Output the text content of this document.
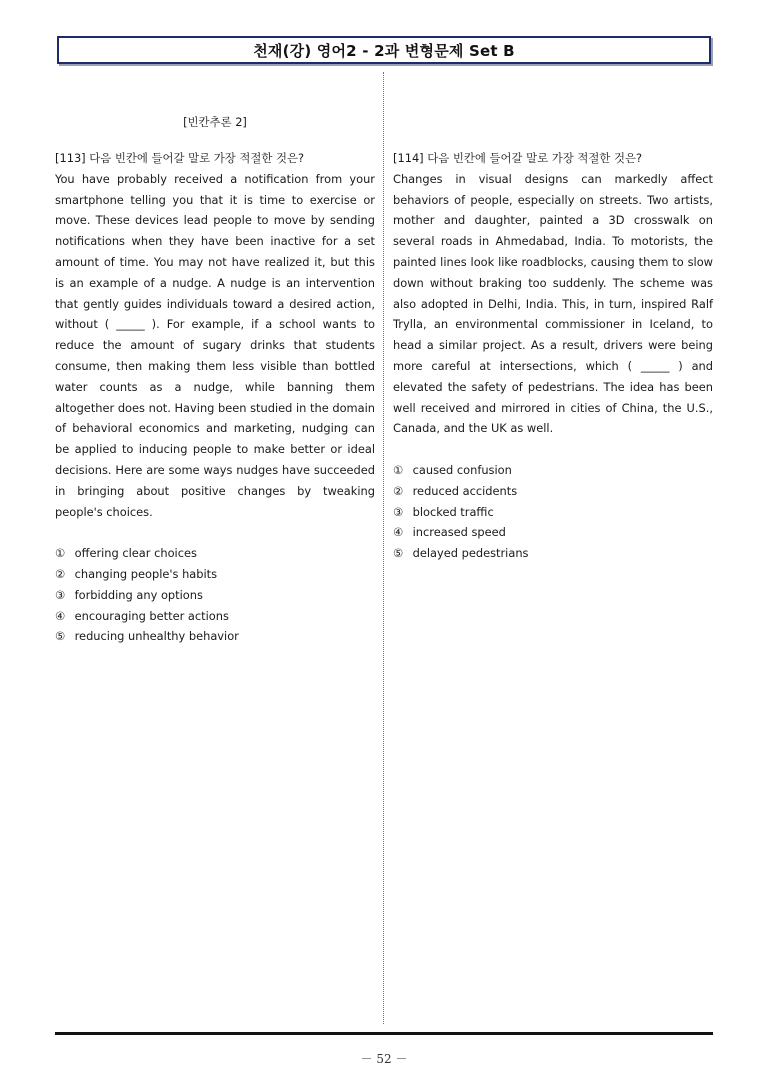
천재(강) 영어2 - 2과 변형문제 Set B
[빈칸추론 2]

[113] 다음 빈칸에 들어갈 말로 가장 적절한 것은?

You have probably received a notification from your smartphone telling you that it is time to exercise or move. These devices lead people to move by sending notifications when they have been inactive for a set amount of time. You may not have realized it, but this is an example of a nudge. A nudge is an intervention that gently guides individuals toward a desired action, without ( _____ ). For example, if a school wants to reduce the amount of sugary drinks that students consume, then making them less visible than bottled water counts as a nudge, while banning them altogether does not. Having been studied in the domain of behavioral economics and marketing, nudging can be applied to inducing people to make better or ideal decisions. Here are some ways nudges have succeeded in bringing about positive changes by tweaking people's choices.

① offering clear choices
② changing people's habits
③ forbidding any options
④ encouraging better actions
⑤ reducing unhealthy behavior

[114] 다음 빈칸에 들어갈 말로 가장 적절한 것은?

Changes in visual designs can markedly affect behaviors of people, especially on streets. Two artists, mother and daughter, painted a 3D crosswalk on several roads in Ahmedabad, India. To motorists, the painted lines look like roadblocks, causing them to slow down without braking too suddenly. The scheme was also adopted in Delhi, India. This, in turn, inspired Ralf Trylla, an environmental commissioner in Iceland, to head a similar project. As a result, drivers were being more careful at intersections, which ( _____ ) and elevated the safety of pedestrians. The idea has been well received and mirrored in cities of China, the U.S., Canada, and the UK as well.

① caused confusion
② reduced accidents
③ blocked traffic
④ increased speed
⑤ delayed pedestrians
－ 52 －
